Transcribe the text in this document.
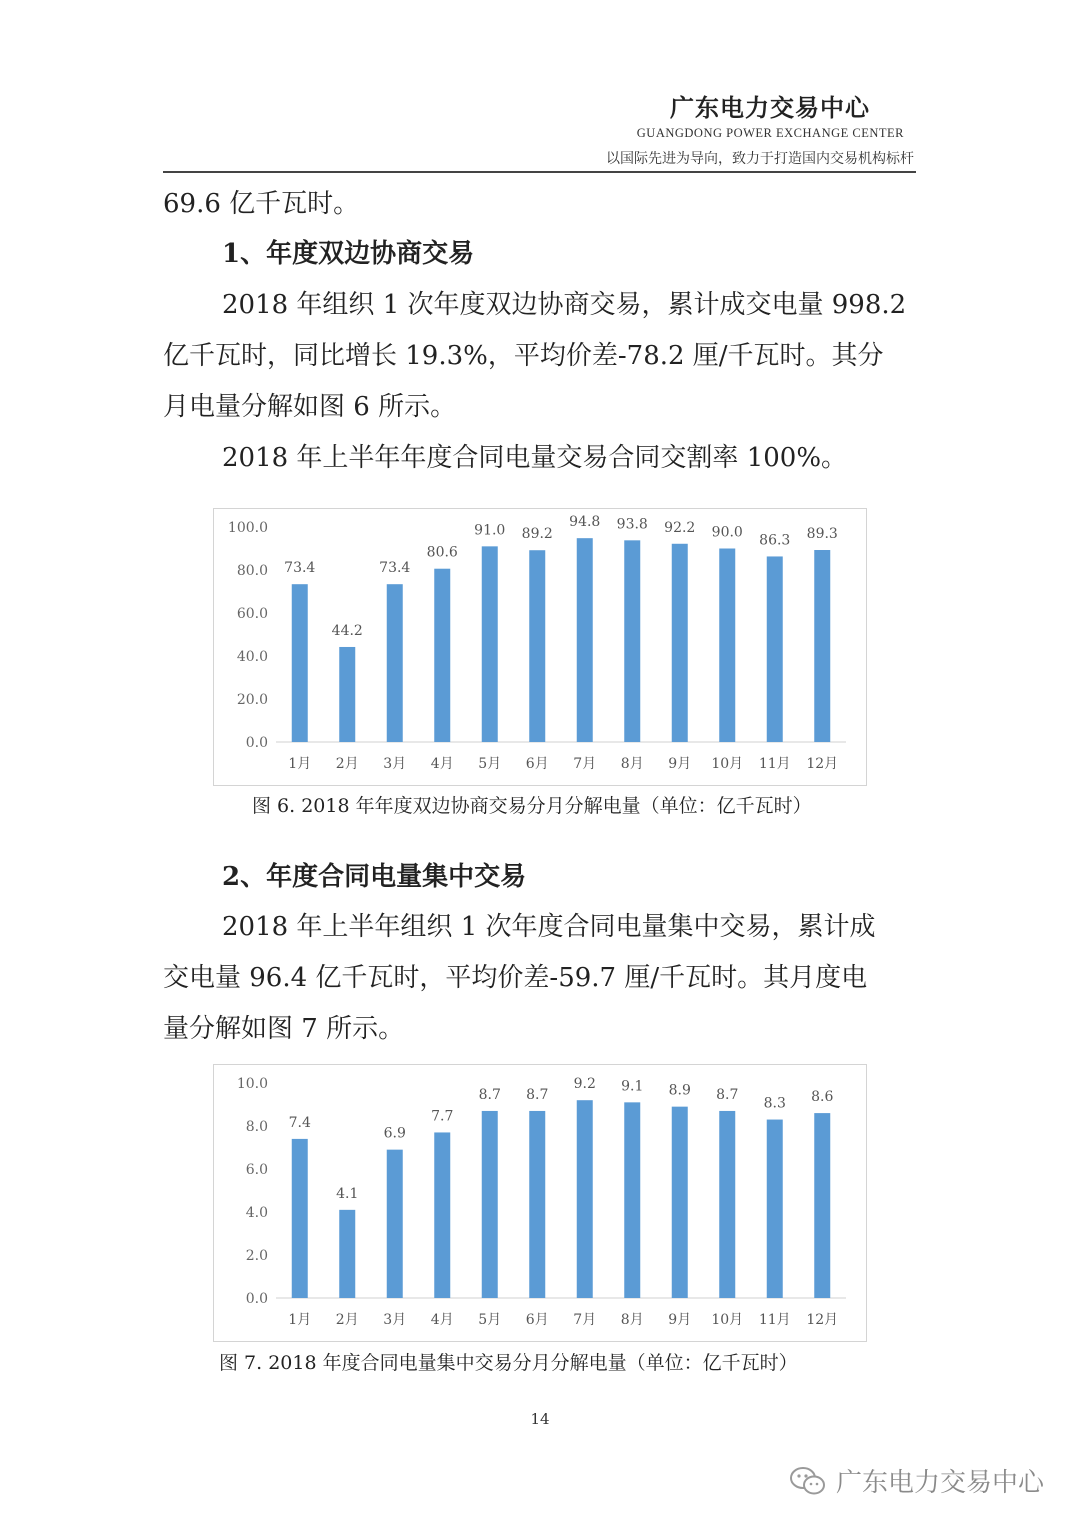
广东电力交易中心
GUANGDONG POWER EXCHANGE CENTER
以国际先进为导向，致力于打造国内交易机构标杆
69.6 亿千瓦时。
1、年度双边协商交易
2018 年组织 1 次年度双边协商交易，累计成交电量 998.2
亿千瓦时，同比增长 19.3%，平均价差-78.2 厘/千瓦时。其分
月电量分解如图 6 所示。
2018 年上半年年度合同电量交易合同交割率 100%。
0.0
20.0
40.0
60.0
80.0
100.0
73.4
1月
44.2
2月
73.4
3月
80.6
4月
91.0
5月
89.2
6月
94.8
7月
93.8
8月
92.2
9月
90.0
10月
86.3
11月
89.3
12月
图 6. 2018 年年度双边协商交易分月分解电量（单位：亿千瓦时）
2、年度合同电量集中交易
2018 年上半年组织 1 次年度合同电量集中交易，累计成
交电量 96.4 亿千瓦时，平均价差-59.7 厘/千瓦时。其月度电
量分解如图 7 所示。
0.0
2.0
4.0
6.0
8.0
10.0
7.4
1月
4.1
2月
6.9
3月
7.7
4月
8.7
5月
8.7
6月
9.2
7月
9.1
8月
8.9
9月
8.7
10月
8.3
11月
8.6
12月
图 7. 2018 年度合同电量集中交易分月分解电量（单位：亿千瓦时）
14
广东电力交易中心
